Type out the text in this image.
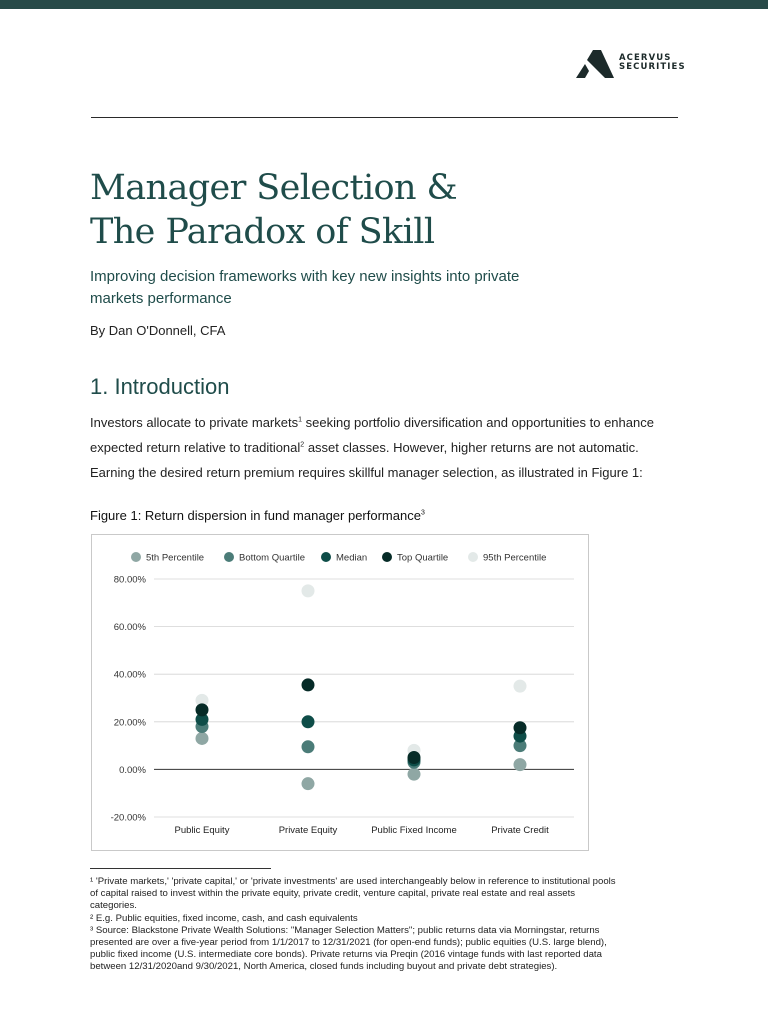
ACERVUS
SECURITIES
Manager Selection &
The Paradox of Skill

Improving decision frameworks with key new insights into private
markets performance

By Dan O'Donnell, CFA
1. Introduction
Investors allocate to private markets$^1$ seeking portfolio diversification and opportunities to enhance
expected return relative to traditional$^2$ asset classes. However, higher returns are not automatic.
Earning the desired return premium requires skillful manager selection, as illustrated in Figure 1:
Figure 1: Return dispersion in fund manager performance$^3$
80.00%
60.00%
40.00%
20.00%
0.00%
-20.00%
Public Equity	Private Equity	Public Fixed Income	Private Credit
5th Percentile	Bottom Quartile	Median	Top Quartile	95th Percentile
¹ 'Private markets,' 'private capital,' or 'private investments' are used interchangeably below in reference to institutional pools
of capital raised to invest within the private equity, private credit, venture capital, private real estate and real assets
categories.
² E.g. Public equities, fixed income, cash, and cash equivalents
³ Source: Blackstone Private Wealth Solutions: "Manager Selection Matters"; public returns data via Morningstar, returns
presented are over a five-year period from 1/1/2017 to 12/31/2021 (for open-end funds); public equities (U.S. large blend),
public fixed income (U.S. intermediate core bonds). Private returns via Preqin (2016 vintage funds with last reported data
between 12/31/2020and 9/30/2021, North America, closed funds including buyout and private debt strategies).
